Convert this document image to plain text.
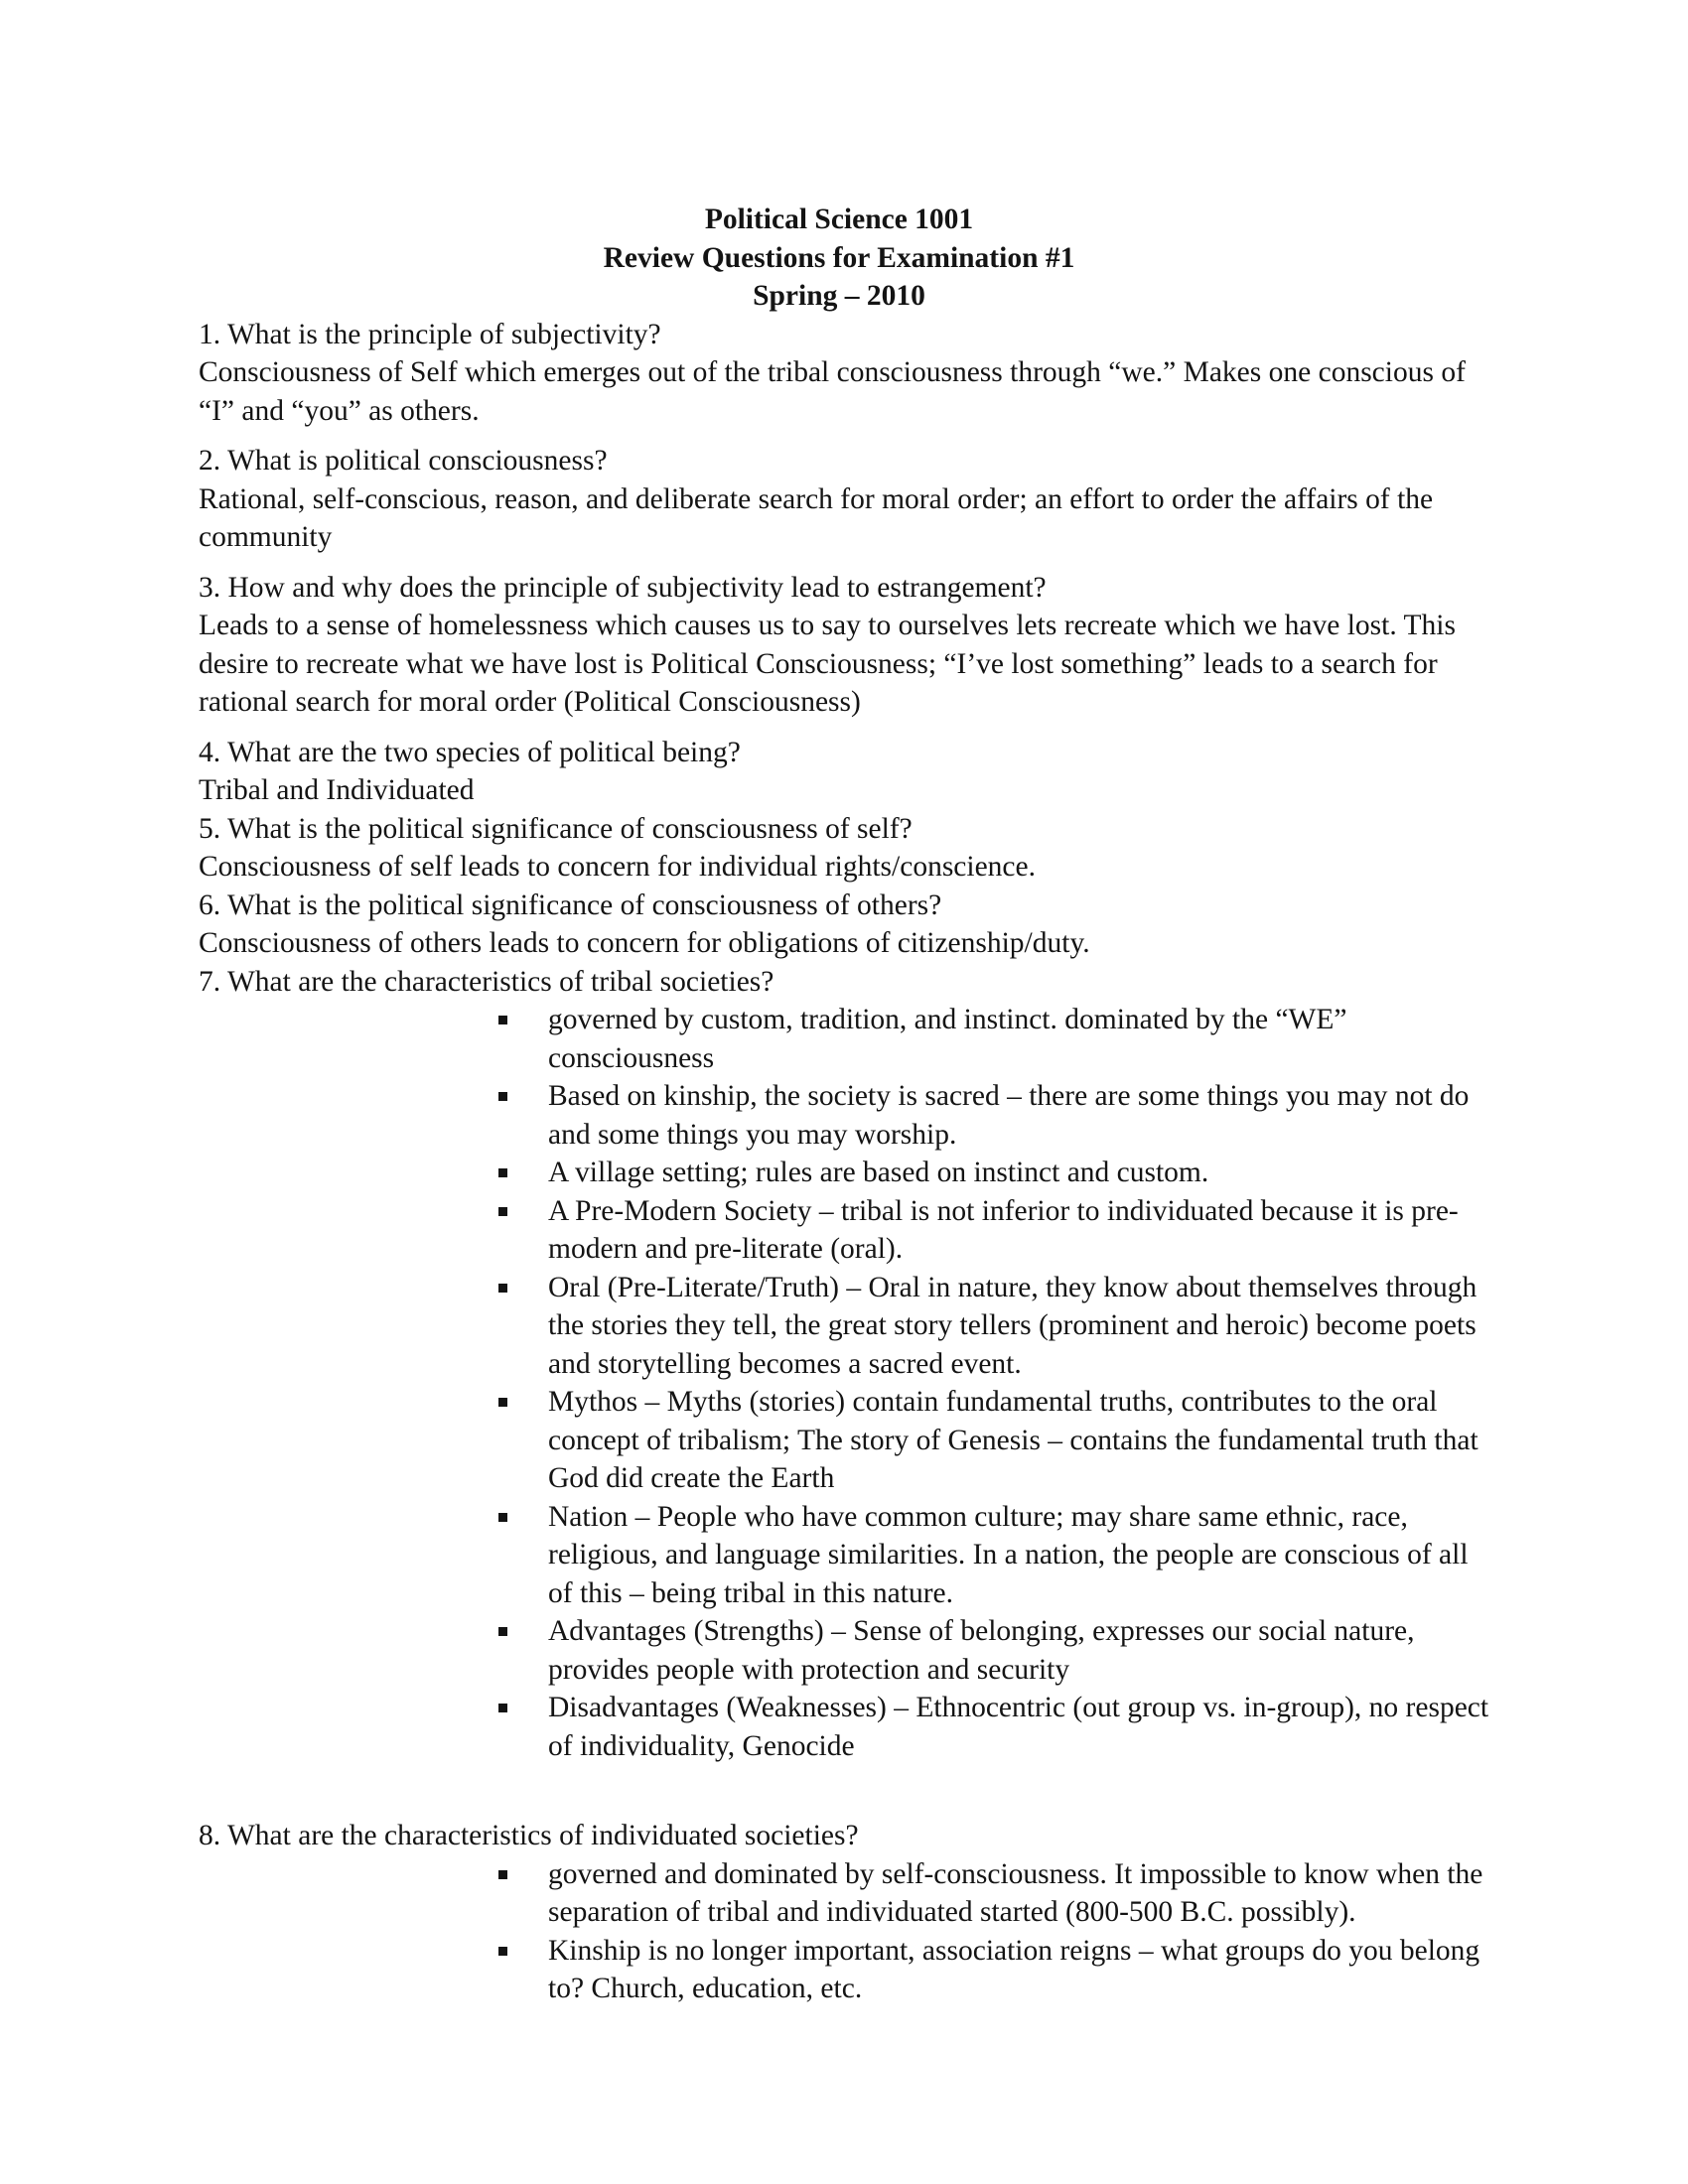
Political Science 1001
Review Questions for Examination #1
Spring – 2010
1. What is the principle of subjectivity?
Consciousness of Self which emerges out of the tribal consciousness through “we.” Makes one conscious of “I” and “you” as others.
2. What is political consciousness?
Rational, self-conscious, reason, and deliberate search for moral order; an effort to order the affairs of the community
3. How and why does the principle of subjectivity lead to estrangement?
Leads to a sense of homelessness which causes us to say to ourselves lets recreate which we have lost. This desire to recreate what we have lost is Political Consciousness; “I’ve lost something” leads to a search for rational search for moral order (Political Consciousness)
4. What are the two species of political being?
Tribal and Individuated
5. What is the political significance of consciousness of self?
Consciousness of self leads to concern for individual rights/conscience.
6. What is the political significance of consciousness of others?
Consciousness of others leads to concern for obligations of citizenship/duty.
7. What are the characteristics of tribal societies?
governed by custom, tradition, and instinct. dominated by the “WE” consciousness
Based on kinship, the society is sacred – there are some things you may not do and some things you may worship.
A village setting; rules are based on instinct and custom.
A Pre-Modern Society – tribal is not inferior to individuated because it is pre-modern and pre-literate (oral).
Oral (Pre-Literate/Truth) – Oral in nature, they know about themselves through the stories they tell, the great story tellers (prominent and heroic) become poets and storytelling becomes a sacred event.
Mythos – Myths (stories) contain fundamental truths, contributes to the oral concept of tribalism; The story of Genesis – contains the fundamental truth that God did create the Earth
Nation – People who have common culture; may share same ethnic, race, religious, and language similarities. In a nation, the people are conscious of all of this – being tribal in this nature.
Advantages (Strengths) – Sense of belonging, expresses our social nature, provides people with protection and security
Disadvantages (Weaknesses) – Ethnocentric (out group vs. in-group), no respect of individuality, Genocide
8. What are the characteristics of individuated societies?
governed and dominated by self-consciousness. It impossible to know when the separation of tribal and individuated started (800-500 B.C. possibly).
Kinship is no longer important, association reigns – what groups do you belong to? Church, education, etc.
